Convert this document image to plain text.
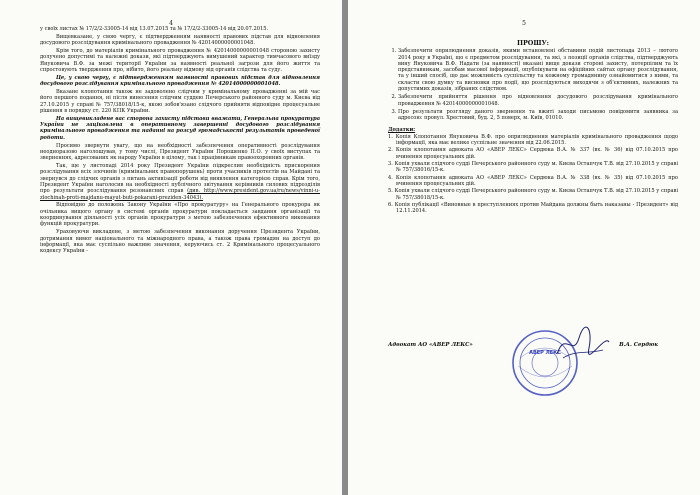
4

у своїх листах № 17/2/2-33005-14 від 13.07.2015 та № 17/2/2-33005-14 від 20.07.2015.

Вищевказане, у свою чергу, є підтвердженням наявності правових підстав для відновлення досудового розслідування кримінального провадження № 42014000000001048.

Крім того, до матеріалів кримінального провадження № 42014000000001048 стороною захисту долучено допустимі та належні докази, які підтверджують вимушений характер тимчасового виїзду Януковича В.Ф. за межі території України за наявності реальної загрози для його життя та спростовують твердження про, нібито, його реальну відмову від органів слідства та суду.

Це, у свою чергу, є підтвердженням наявності правових підстав для відновлення досудового розслідування кримінального провадження № 42014000000001048.

Вказане клопотання також не задоволено слідчим у кримінальному провадженні за мій час його першого подання, ні після винесення слідчим суддею Печерського районного суду м. Києва від 27.10.2015 у справі № 757/38018/15-к, якою зобов'язано слідчого прийняти відповідне процесуальне рішення в порядку ст. 220 КПК України.

На вищевикладене вас сторона захисту підстави вважати, Генеральна прокуратура України не зацікавлена в оперативному завершенні досудового розслідування кримінального провадження та наданні на розсуд громадськості результатів проведеної роботи.

Просимо звернути увагу, що на необхідності забезпечення оперативності розслідування неодноразово наголошував, у тому числі, Президент України Порошенко П.О. у своїх виступах та зверненнях, адресованих як народу України в цілому, так і працівникам правоохоронних органів.

Так, ще у листопаді 2014 року Президент України підкреслив необхідність прискорення розслідування всіх злочинів (кримінальних правопорушень) проти учасників протестів на Майдані та звернувся до слідчих органів з питань активізації роботи від виявлення категорією справ. Крім того, Президент України наголосив на необхідності публічного звітування керівників силових підрозділів про результати розслідування резонансних справ (див. http://www.president.gov.ua/ru/news/vinni-u-zlochinah-proti-majdanu-mayut-buti-pokarani-preziden-34043).

Відповідно до положень Закону України «Про прокуратуру» на Генерального прокурора як очільника вищого органу в системі органів прокуратури покладається завдання організації та координування діяльності усіх органів прокуратури з метою забезпечення ефективного виконання функцій прокуратури.

Ураховуючи викладене, з метою забезпечення виконання доручення Президента України, дотримання вимог національного та міжнародного права, а також права громадян на доступ до інформації, яка має суспільно важливе значення, керуючись ст. 2 Кримінального процесуального кодексу України -

5
ПРОШУ:
1. Забезпечити оприлюднення доказів, якими встановлені обставини подій листопада 2013 – лютого 2014 року в Україні, що є предметом розслідування, та які, з позиції органів слідства, підтверджують вину Януковича В.Ф. Надати (за наявності) вказані вище докази стороні захисту, потерпілим та їх представникам, засобам масової інформації, опублікувати на офіційних сайтах органу розслідування, та у інший спосіб, що дає можливість суспільству та кожному громадянину ознайомитися з ними, та скласти свою думку та висновки про події, що розслідуються виходячи з об'єктивних, належних та допустимих доказів, зібраних слідством.
2. Забезпечити прийняття рішення про відновлення досудового розслідування кримінального провадження № 42014000000001048.
3. Про результати розгляду даного звернення та вжиті заходи письмово повідомити заявника за адресою: провул. Хрестовий, буд. 2, 5 поверх, м. Київ, 01010.
Додатки:
1. Копія Клопотання Януковича В.Ф. про оприлюднення матеріалів кримінального провадження щодо інформації, яка має велике суспільне значення від 22.06.2015.
2. Копія клопотання адвоката АО «АВЕР ЛЕКС» Сердюка В.А. № 337 (вх. № 36) від 07.10.2015 про вчинення процесуальних дій.
3. Копія ухвали слідчого судді Печерського районного суду м. Києва Остапчук Т.В. від 27.10.2015 у справі № 757/38016/15-к.
4. Копія клопотання адвоката АО «АВЕР ЛЕКС» Сердюка В.А. № 338 (вх. № 35) від 07.10.2015 про вчинення процесуальних дій.
5. Копія ухвали слідчого судді Печерського районного суду м. Києва Остапчук Т.В. від 27.10.2015 у справі № 757/38018/15-к.
6. Копія публікації «Виновные в преступлениях против Майдана должны быть наказаны - Президент» від 12.11.2014.
Адвокат АО «АВЕР ЛЕКС»
АВЕР ЛЕКС
В.А. Сердюк
